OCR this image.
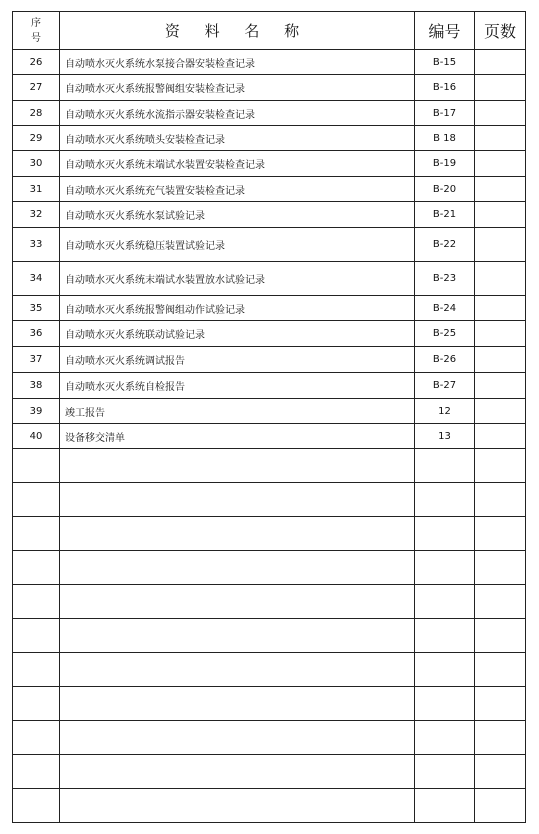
序
号	资 料 名 称	编号	页数
26	自动喷水灭火系统水泵接合器安装检查记录	B-15	
27	自动喷水灭火系统报警阀组安装检查记录	B-16	
28	自动喷水灭火系统水流指示器安装检查记录	B-17	
29	自动喷水灭火系统喷头安装检查记录	B 18	
30	自动喷水灭火系统末端试水装置安装检查记录	B-19	
31	自动喷水灭火系统充气装置安装检查记录	B-20	
32	自动喷水灭火系统水泵试验记录	B-21	
33	自动喷水灭火系统稳压装置试验记录	B-22	
34	自动喷水灭火系统末端试水装置放水试验记录	B-23	
35	自动喷水灭火系统报警阀组动作试验记录	B-24	
36	自动喷水灭火系统联动试验记录	B-25	
37	自动喷水灭火系统调试报告	B-26	
38	自动喷水灭火系统自检报告	B-27	
39	竣工报告	12	
40	设备移交清单	13	
